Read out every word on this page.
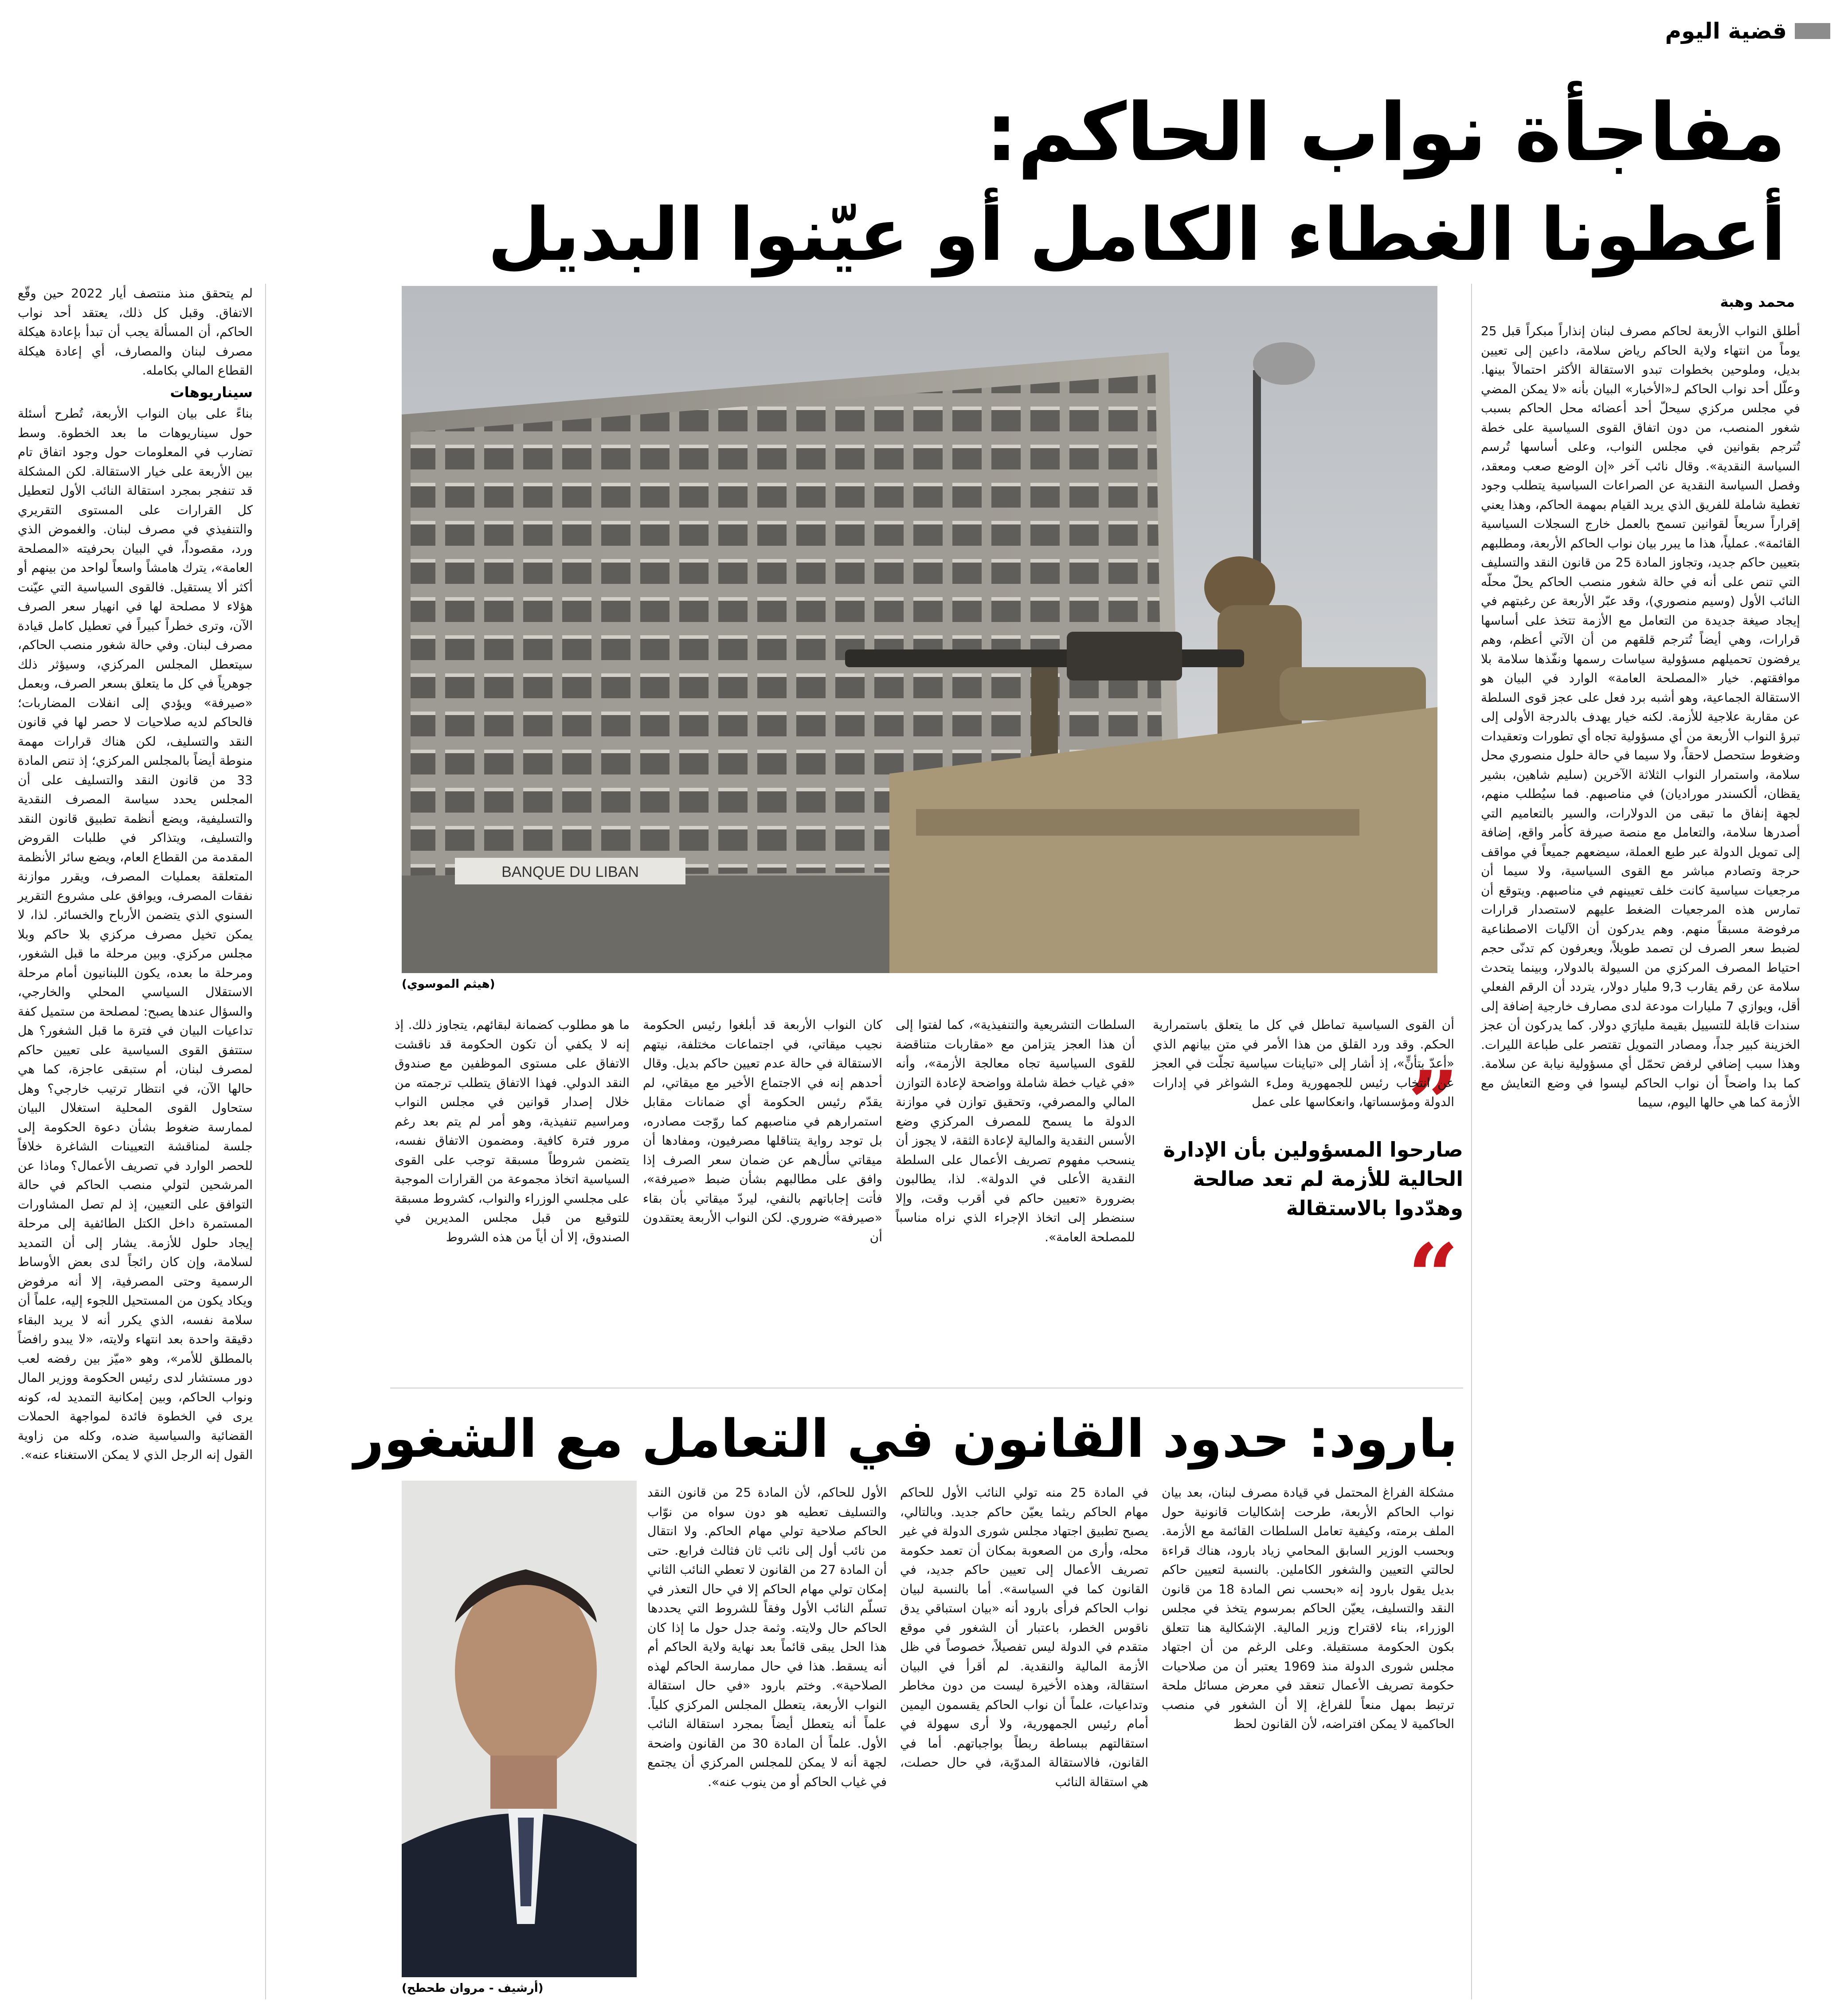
قضية اليوم
مفاجأة نواب الحاكم:
أعطونا الغطاء الكامل أو عيّنوا البديل
محمد وهبة
BANQUE DU LIBAN
(هيثم الموسوي)

أطلق النواب الأربعة لحاكم مصرف لبنان إنذاراً مبكراً قبل 25 يوماً من انتهاء ولاية الحاكم رياض سلامة، داعين إلى تعيين بديل، وملوحين بخطوات تبدو الاستقالة الأكثر احتمالاً بينها. وعلّل أحد نواب الحاكم لـ«الأخبار» البيان بأنه «لا يمكن المضي في مجلس مركزي سيحلّ أحد أعضائه محل الحاكم بسبب شغور المنصب، من دون اتفاق القوى السياسية على خطة تُترجم بقوانين في مجلس النواب، وعلى أساسها تُرسم السياسة النقدية». وقال نائب آخر «إن الوضع صعب ومعقد، وفصل السياسة النقدية عن الصراعات السياسية يتطلب وجود تغطية شاملة للفريق الذي يريد القيام بمهمة الحاكم، وهذا يعني إقراراً سريعاً لقوانين تسمح بالعمل خارج السجلات السياسية القائمة». عملياً، هذا ما يبرر بيان نواب الحاكم الأربعة، ومطلبهم بتعيين حاكم جديد، وتجاوز المادة 25 من قانون النقد والتسليف التي تنص على أنه في حالة شغور منصب الحاكم يحلّ محلّه النائب الأول (وسيم منصوري)، وقد عبّر الأربعة عن رغبتهم في إيجاد صيغة جديدة من التعامل مع الأزمة تتخذ على أساسها قرارات، وهي أيضاً تُترجم قلقهم من أن الآتي أعظم، وهم يرفضون تحميلهم مسؤولية سياسات رسمها ونفّذها سلامة بلا موافقتهم. خيار «المصلحة العامة» الوارد في البيان هو الاستقالة الجماعية، وهو أشبه برد فعل على عجز قوى السلطة عن مقاربة علاجية للأزمة. لكنه خيار يهدف بالدرجة الأولى إلى تبرؤ النواب الأربعة من أي مسؤولية تجاه أي تطورات وتعقيدات وضغوط ستحصل لاحقاً، ولا سيما في حالة حلول منصوري محل سلامة، واستمرار النواب الثلاثة الآخرين (سليم شاهين، بشير يقظان، ألكسندر موراديان) في مناصبهم. فما سيُطلب منهم، لجهة إنفاق ما تبقى من الدولارات، والسير بالتعاميم التي أصدرها سلامة، والتعامل مع منصة صيرفة كأمر واقع، إضافة إلى تمويل الدولة عبر طبع العملة، سيضعهم جميعاً في مواقف حرجة وتصادم مباشر مع القوى السياسية، ولا سيما أن مرجعيات سياسية كانت خلف تعيينهم في مناصبهم. ويتوقع أن تمارس هذه المرجعيات الضغط عليهم لاستصدار قرارات مرفوضة مسبقاً منهم. وهم يدركون أن الآليات الاصطناعية لضبط سعر الصرف لن تصمد طويلاً، ويعرفون كم تدنّى حجم احتياط المصرف المركزي من السيولة بالدولار، وبينما يتحدث سلامة عن رقم يقارب 9,3 مليار دولار، يتردد أن الرقم الفعلي أقل، ويوازي 7 مليارات مودعة لدى مصارف خارجية إضافة إلى سندات قابلة للتسييل بقيمة مليارَي دولار. كما يدركون أن عجز الخزينة كبير جداً، ومصادر التمويل تقتصر على طباعة الليرات. وهذا سبب إضافي لرفض تحمّل أي مسؤولية نيابة عن سلامة. كما بدا واضحاً أن نواب الحاكم ليسوا في وضع التعايش مع الأزمة كما هي حالها اليوم، سيما

لم يتحقق منذ منتصف أيار 2022 حين وقّع الاتفاق. وقبل كل ذلك، يعتقد أحد نواب الحاكم، أن المسألة يجب أن تبدأ بإعادة هيكلة مصرف لبنان والمصارف، أي إعادة هيكلة القطاع المالي بكامله.

سيناريوهات

بناءً على بيان النواب الأربعة، تُطرح أسئلة حول سيناريوهات ما بعد الخطوة. وسط تضارب في المعلومات حول وجود اتفاق تام بين الأربعة على خيار الاستقالة. لكن المشكلة قد تنفجر بمجرد استقالة النائب الأول لتعطيل كل القرارات على المستوى التقريري والتنفيذي في مصرف لبنان. والغموض الذي ورد، مقصوداً، في البيان بحرفيته «المصلحة العامة»، يترك هامشاً واسعاً لواحد من بينهم أو أكثر ألا يستقيل. فالقوى السياسية التي عيّنت هؤلاء لا مصلحة لها في انهيار سعر الصرف الآن، وترى خطراً كبيراً في تعطيل كامل قيادة مصرف لبنان. وفي حالة شغور منصب الحاكم، سيتعطل المجلس المركزي، وسيؤثر ذلك جوهرياً في كل ما يتعلق بسعر الصرف، وبعمل «صيرفة» ويؤدي إلى انفلات المضاربات؛ فالحاكم لديه صلاحيات لا حصر لها في قانون النقد والتسليف، لكن هناك قرارات مهمة منوطة أيضاً بالمجلس المركزي؛ إذ تنص المادة 33 من قانون النقد والتسليف على أن المجلس يحدد سياسة المصرف النقدية والتسليفية، ويضع أنظمة تطبيق قانون النقد والتسليف، ويتذاكر في طلبات القروض المقدمة من القطاع العام، ويضع سائر الأنظمة المتعلقة بعمليات المصرف، ويقرر موازنة نفقات المصرف، ويوافق على مشروع التقرير السنوي الذي يتضمن الأرباح والخسائر. لذا، لا يمكن تخيل مصرف مركزي بلا حاكم وبلا مجلس مركزي. وبين مرحلة ما قبل الشغور، ومرحلة ما بعده، يكون اللبنانيون أمام مرحلة الاستقلال السياسي المحلي والخارجي، والسؤال عندها يصبح: لمصلحة من ستميل كفة تداعيات البيان في فترة ما قبل الشغور؟ هل ستتفق القوى السياسية على تعيين حاكم لمصرف لبنان، أم ستبقى عاجزة، كما هي حالها الآن، في انتظار ترتيب خارجي؟ وهل ستحاول القوى المحلية استغلال البيان لممارسة ضغوط بشأن دعوة الحكومة إلى جلسة لمناقشة التعيينات الشاغرة خلافاً للحصر الوارد في تصريف الأعمال؟ وماذا عن المرشحين لتولي منصب الحاكم في حالة التوافق على التعيين، إذ لم تصل المشاورات المستمرة داخل الكتل الطائفية إلى مرحلة إيجاد حلول للأزمة. يشار إلى أن التمديد لسلامة، وإن كان رائجاً لدى بعض الأوساط الرسمية وحتى المصرفية، إلا أنه مرفوض ويكاد يكون من المستحيل اللجوء إليه، علماً أن سلامة نفسه، الذي يكرر أنه لا يريد البقاء دقيقة واحدة بعد انتهاء ولايته، «لا يبدو رافضاً بالمطلق للأمر»، وهو «ميّز بين رفضه لعب دور مستشار لدى رئيس الحكومة ووزير المال ونواب الحاكم، وبين إمكانية التمديد له، كونه يرى في الخطوة فائدة لمواجهة الحملات القضائية والسياسية ضده، وكله من زاوية القول إنه الرجل الذي لا يمكن الاستغناء عنه».

”
صارحوا المسؤولين بأن الإدارة الحالية للأزمة لم تعد صالحة وهدّدوا بالاستقالة
“

أن القوى السياسية تماطل في كل ما يتعلق باستمرارية الحكم. وقد ورد القلق من هذا الأمر في متن بيانهم الذي «أعدّ بتأنٍّ»، إذ أشار إلى «تباينات سياسية تجلّت في العجز عن انتخاب رئيس للجمهورية وملء الشواغر في إدارات الدولة ومؤسساتها، وانعكاسها على عمل

السلطات التشريعية والتنفيذية»، كما لفتوا إلى أن هذا العجز يتزامن مع «مقاربات متناقضة للقوى السياسية تجاه معالجة الأزمة»، وأنه «في غياب خطة شاملة وواضحة لإعادة التوازن المالي والمصرفي، وتحقيق توازن في موازنة الدولة ما يسمح للمصرف المركزي وضع الأسس النقدية والمالية لإعادة الثقة، لا يجوز أن ينسحب مفهوم تصريف الأعمال على السلطة النقدية الأعلى في الدولة». لذا، يطالبون بضرورة «تعيين حاكم في أقرب وقت، وإلا سنضطر إلى اتخاذ الإجراء الذي نراه مناسباً للمصلحة العامة».

كان النواب الأربعة قد أبلغوا رئيس الحكومة نجيب ميقاتي، في اجتماعات مختلفة، نيتهم الاستقالة في حالة عدم تعيين حاكم بديل. وقال أحدهم إنه في الاجتماع الأخير مع ميقاتي، لم يقدّم رئيس الحكومة أي ضمانات مقابل استمرارهم في مناصبهم كما روّجت مصادره، بل توجد رواية يتناقلها مصرفيون، ومفادها أن ميقاتي سأل‌هم عن ضمان سعر الصرف إذا وافق على مطالبهم بشأن ضبط «صيرفة»، فأتت إجاباتهم بالنفي، ليردّ ميقاتي بأن بقاء «صيرفة» ضروري. لكن النواب الأربعة يعتقدون أن

ما هو مطلوب كضمانة لبقائهم، يتجاوز ذلك. إذ إنه لا يكفي أن تكون الحكومة قد ناقشت الاتفاق على مستوى الموظفين مع صندوق النقد الدولي. فهذا الاتفاق يتطلب ترجمته من خلال إصدار قوانين في مجلس النواب ومراسيم تنفيذية، وهو أمر لم يتم بعد رغم مرور فترة كافية. ومضمون الاتفاق نفسه، يتضمن شروطاً مسبقة توجب على القوى السياسية اتخاذ مجموعة من القرارات الموجبة على مجلسي الوزراء والنواب، كشروط مسبقة للتوقيع من قبل مجلس المديرين في الصندوق، إلا أن أياً من هذه الشروط

بارود: حدود القانون في التعامل مع الشغور

مشكلة الفراغ المحتمل في قيادة مصرف لبنان، بعد بيان نواب الحاكم الأربعة، طرحت إشكاليات قانونية حول الملف برمته، وكيفية تعامل السلطات القائمة مع الأزمة. وبحسب الوزير السابق المحامي زياد بارود، هناك قراءة لحالتي التعيين والشغور الكاملين. بالنسبة لتعيين حاكم بديل يقول بارود إنه «بحسب نص المادة 18 من قانون النقد والتسليف، يعيّن الحاكم بمرسوم يتخذ في مجلس الوزراء، بناء لاقتراح وزير المالية. الإشكالية هنا تتعلق بكون الحكومة مستقيلة. وعلى الرغم من أن اجتهاد مجلس شورى الدولة منذ 1969 يعتبر أن من صلاحيات حكومة تصريف الأعمال تنعقد في معرض مسائل ملحة ترتبط بمهل منعاً للفراغ، إلا أن الشغور في منصب الحاكمية لا يمكن افتراضه، لأن القانون لحظ

في المادة 25 منه تولي النائب الأول للحاكم مهام الحاكم ريثما يعيّن حاكم جديد. وبالتالي، يصبح تطبيق اجتهاد مجلس شورى الدولة في غير محله، وأرى من الصعوبة بمكان أن تعمد حكومة تصريف الأعمال إلى تعيين حاكم جديد، في القانون كما في السياسة». أما بالنسبة لبيان نواب الحاكم فرأى بارود أنه «بيان استباقي يدق ناقوس الخطر، باعتبار أن الشغور في موقع متقدم في الدولة ليس تفصيلاً، خصوصاً في ظل الأزمة المالية والنقدية. لم أقرأ في البيان استقالة، وهذه الأخيرة ليست من دون مخاطر وتداعيات، علماً أن نواب الحاكم يقسمون اليمين أمام رئيس الجمهورية، ولا أرى سهولة في استقالتهم ببساطة ربطاً بواجباتهم. أما في القانون، فالاستقالة المدوّية، في حال حصلت، هي استقالة النائب

الأول للحاكم، لأن المادة 25 من قانون النقد والتسليف تعطيه هو دون سواه من نوّاب الحاكم صلاحية تولي مهام الحاكم. ولا انتقال من نائب أول إلى نائب ثان فثالث فرابع. حتى أن المادة 27 من القانون لا تعطي النائب الثاني إمكان تولي مهام الحاكم إلا في حال التعذر في تسلّم النائب الأول وفقاً للشروط التي يحددها الحاكم حال ولايته. وثمة جدل حول ما إذا كان هذا الحل يبقى قائماً بعد نهاية ولاية الحاكم أم أنه يسقط. هذا في حال ممارسة الحاكم لهذه الصلاحية». وختم بارود «في حال استقالة النواب الأربعة، يتعطل المجلس المركزي كلياً. علماً أنه يتعطل أيضاً بمجرد استقالة النائب الأول. علماً أن المادة 30 من القانون واضحة لجهة أنه لا يمكن للمجلس المركزي أن يجتمع في غياب الحاكم أو من ينوب عنه».

(أرشيف - مروان طحطح)
